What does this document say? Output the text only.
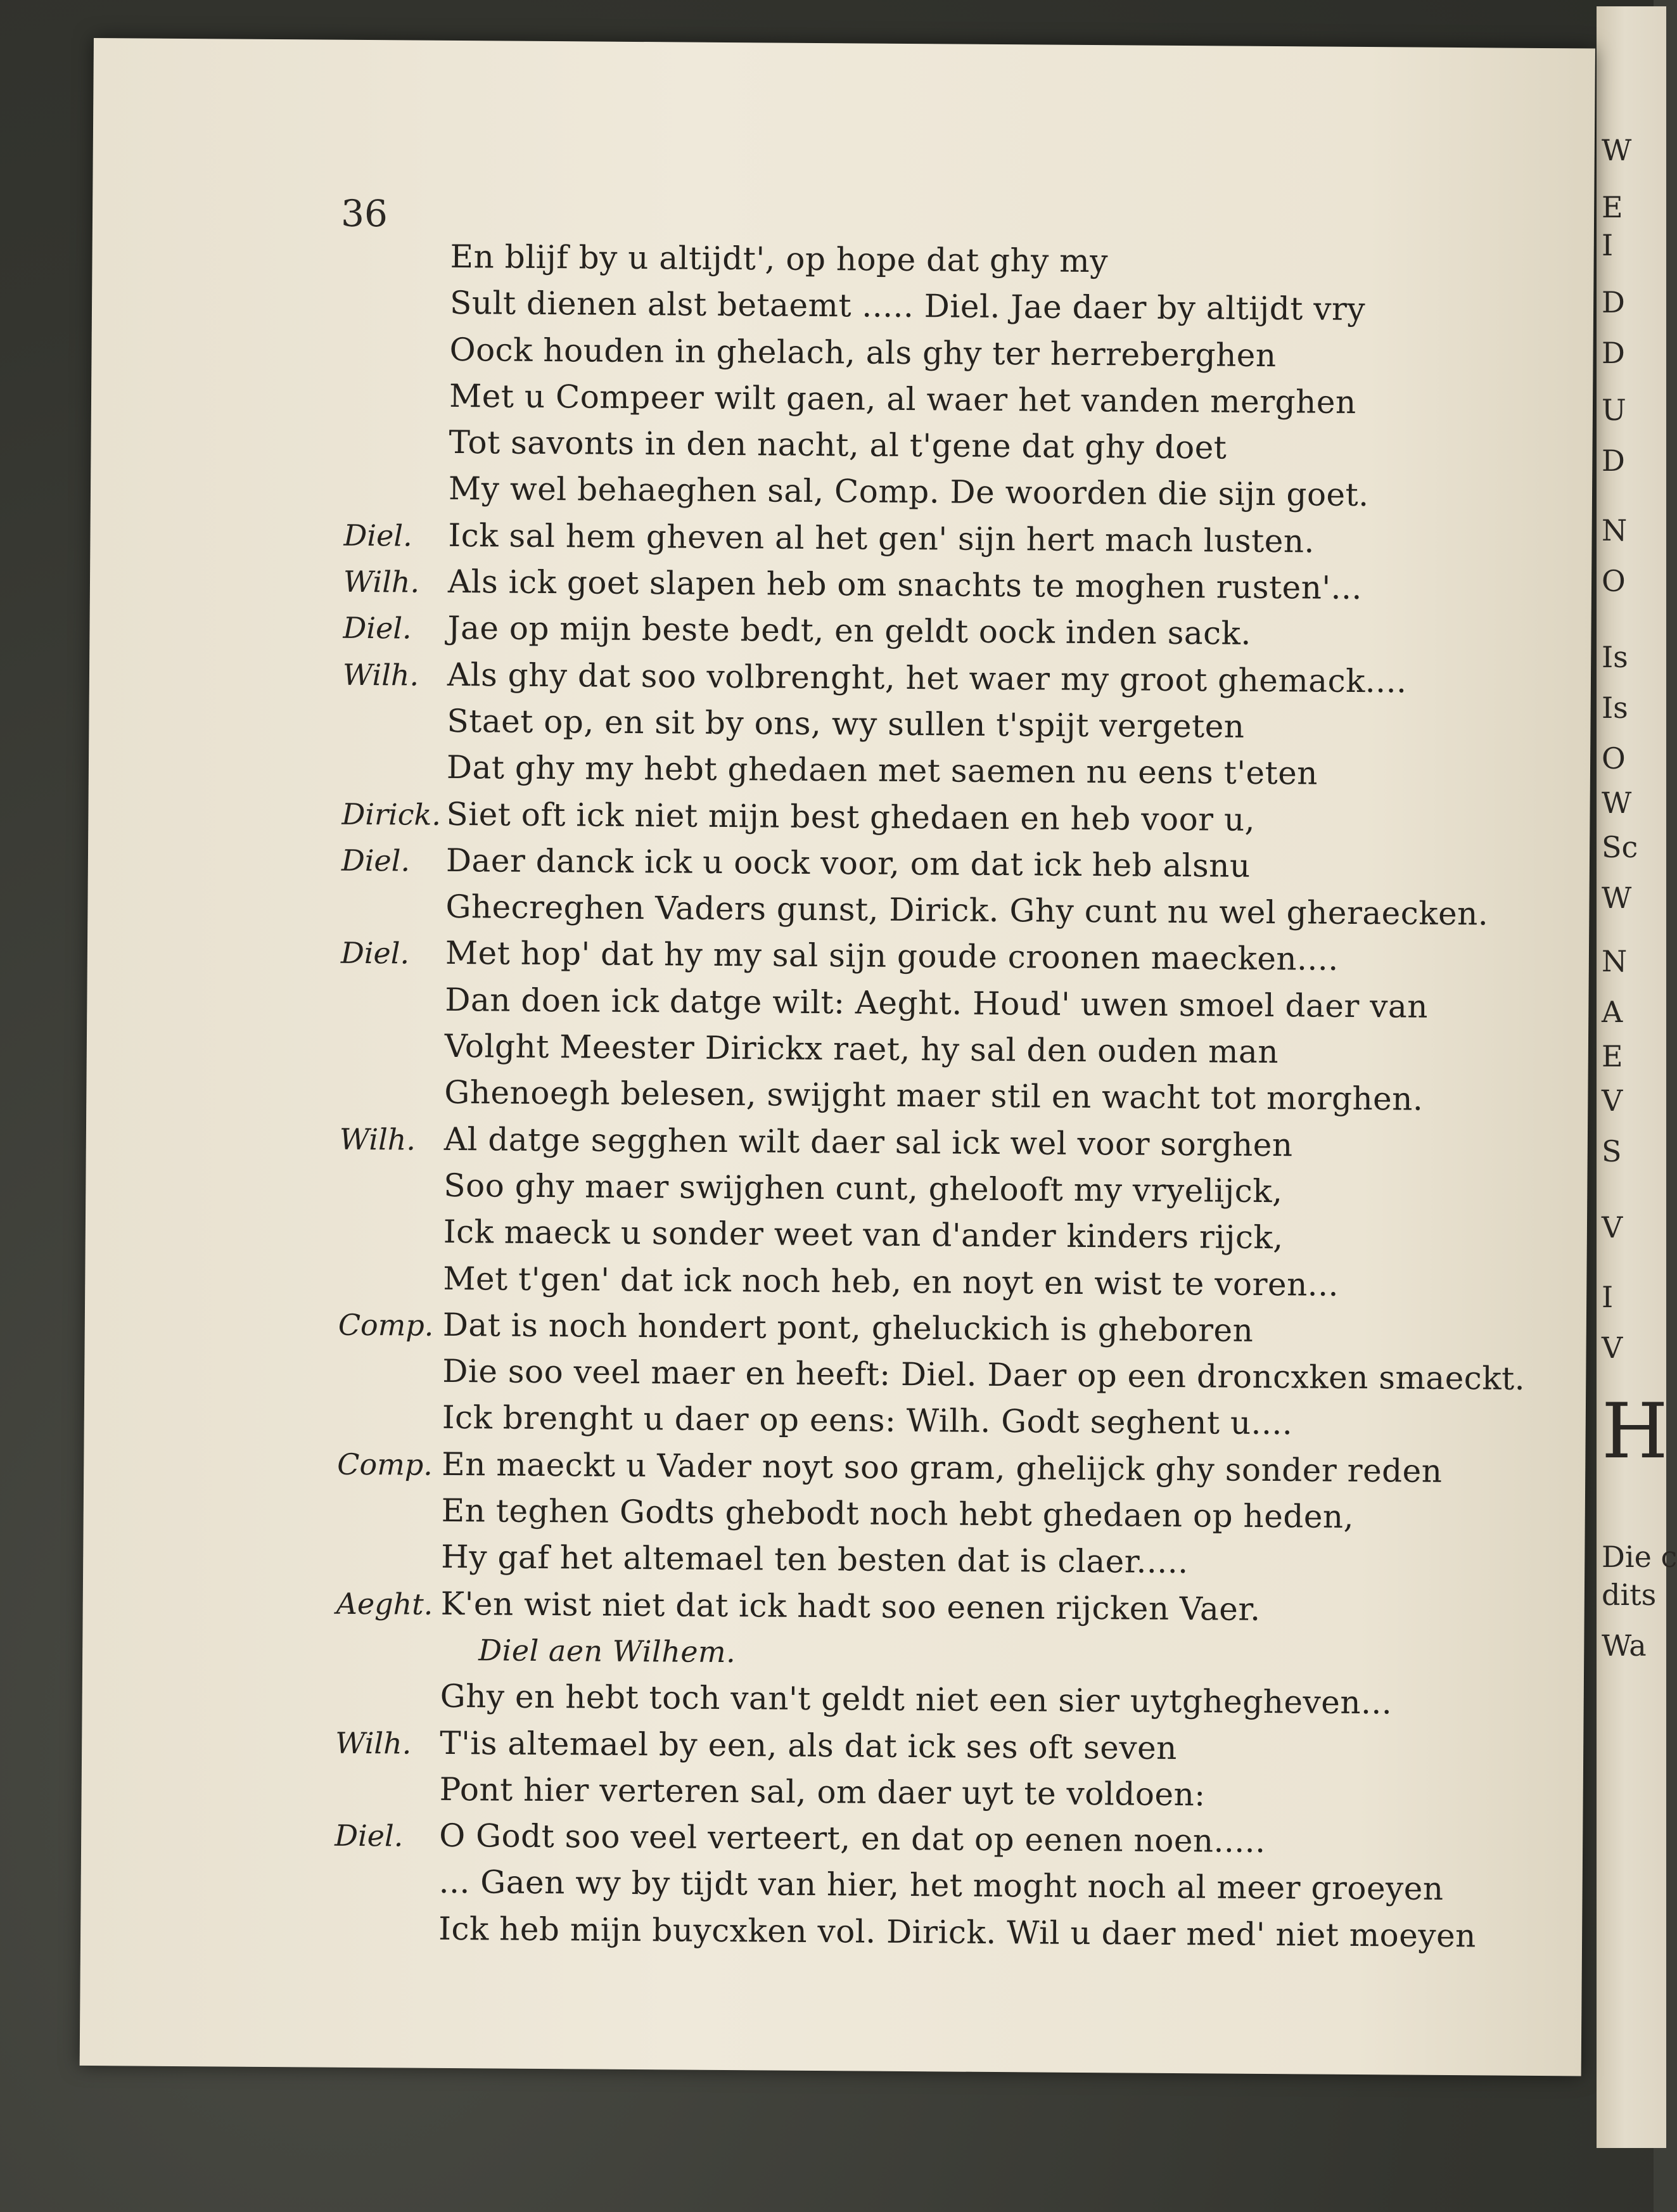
W
E
I
D
D
U
D
N
O
Is
Is
O
W
Sc
W
N
A
E
V
S
V
I
V
H
Die c
dits
Wa
36
En blijf by u altijdt', op hope dat ghy my
Sult dienen alst betaemt ..... Diel. Jae daer by altijdt vry
Oock houden in ghelach, als ghy ter herreberghen
Met u Compeer wilt gaen, al waer het vanden merghen
Tot savonts in den nacht, al t'gene dat ghy doet
My wel behaeghen sal, Comp. De woorden die sijn goet.
Diel. Ick sal hem gheven al het gen' sijn hert mach lusten.
Wilh. Als ick goet slapen heb om snachts te moghen rusten'...
Diel. Jae op mijn beste bedt, en geldt oock inden sack.
Wilh. Als ghy dat soo volbrenght, het waer my groot ghemack....
Staet op, en sit by ons, wy sullen t'spijt vergeten
Dat ghy my hebt ghedaen met saemen nu eens t'eten
Dirick. Siet oft ick niet mijn best ghedaen en heb voor u,
Diel. Daer danck ick u oock voor, om dat ick heb alsnu
Ghecreghen Vaders gunst, Dirick. Ghy cunt nu wel gheraecken.
Diel. Met hop' dat hy my sal sijn goude croonen maecken....
Dan doen ick datge wilt: Aeght. Houd' uwen smoel daer van
Volght Meester Dirickx raet, hy sal den ouden man
Ghenoegh belesen, swijght maer stil en wacht tot morghen.
Wilh. Al datge segghen wilt daer sal ick wel voor sorghen
Soo ghy maer swijghen cunt, ghelooft my vryelijck,
Ick maeck u sonder weet van d'ander kinders rijck,
Met t'gen' dat ick noch heb, en noyt en wist te voren...
Comp. Dat is noch hondert pont, gheluckich is gheboren
Die soo veel maer en heeft: Diel. Daer op een droncxken smaeckt.
Ick brenght u daer op eens: Wilh. Godt seghent u....
Comp. En maeckt u Vader noyt soo gram, ghelijck ghy sonder reden
En teghen Godts ghebodt noch hebt ghedaen op heden,
Hy gaf het altemael ten besten dat is claer.....
Aeght. K'en wist niet dat ick hadt soo eenen rijcken Vaer.
Diel aen Wilhem.
Ghy en hebt toch van't geldt niet een sier uytghegheven...
Wilh. T'is altemael by een, als dat ick ses oft seven
Pont hier verteren sal, om daer uyt te voldoen:
Diel. O Godt soo veel verteert, en dat op eenen noen.....
... Gaen wy by tijdt van hier, het moght noch al meer groeyen
Ick heb mijn buycxken vol. Dirick. Wil u daer med' niet moeyen
